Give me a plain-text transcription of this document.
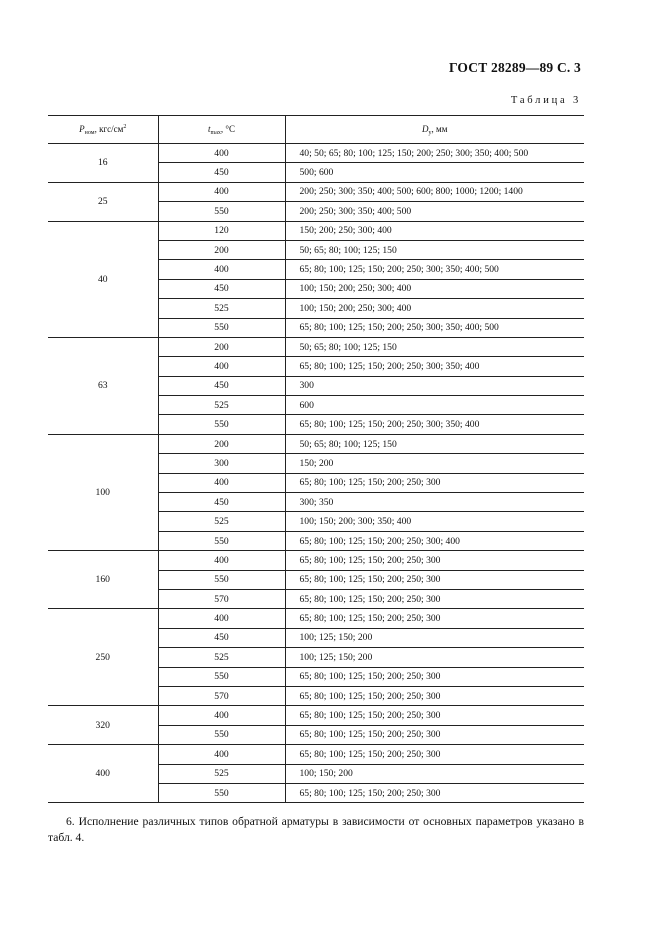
ГОСТ 28289—89 С. 3
Таблица 3
$P_{ном}$, кгс/$см^2$	$t_{max}$, °C	$D_y$, мм
16	400	40; 50; 65; 80; 100; 125; 150; 200; 250; 300; 350; 400; 500
	450	500; 600
25	400	200; 250; 300; 350; 400; 500; 600; 800; 1000; 1200; 1400
	550	200; 250; 300; 350; 400; 500
40	120	150; 200; 250; 300; 400
	200	50; 65; 80; 100; 125; 150
	400	65; 80; 100; 125; 150; 200; 250; 300; 350; 400; 500
	450	100; 150; 200; 250; 300; 400
	525	100; 150; 200; 250; 300; 400
	550	65; 80; 100; 125; 150; 200; 250; 300; 350; 400; 500
63	200	50; 65; 80; 100; 125; 150
	400	65; 80; 100; 125; 150; 200; 250; 300; 350; 400
	450	300
	525	600
	550	65; 80; 100; 125; 150; 200; 250; 300; 350; 400
100	200	50; 65; 80; 100; 125; 150
	300	150; 200
	400	65; 80; 100; 125; 150; 200; 250; 300
	450	300; 350
	525	100; 150; 200; 300; 350; 400
	550	65; 80; 100; 125; 150; 200; 250; 300; 400
160	400	65; 80; 100; 125; 150; 200; 250; 300
	550	65; 80; 100; 125; 150; 200; 250; 300
	570	65; 80; 100; 125; 150; 200; 250; 300
250	400	65; 80; 100; 125; 150; 200; 250; 300
	450	100; 125; 150; 200
	525	100; 125; 150; 200
	550	65; 80; 100; 125; 150; 200; 250; 300
	570	65; 80; 100; 125; 150; 200; 250; 300
320	400	65; 80; 100; 125; 150; 200; 250; 300
	550	65; 80; 100; 125; 150; 200; 250; 300
400	400	65; 80; 100; 125; 150; 200; 250; 300
	525	100; 150; 200
	550	65; 80; 100; 125; 150; 200; 250; 300
6. Исполнение различных типов обратной арматуры в зависимости от основных параметров указано в табл. 4.
